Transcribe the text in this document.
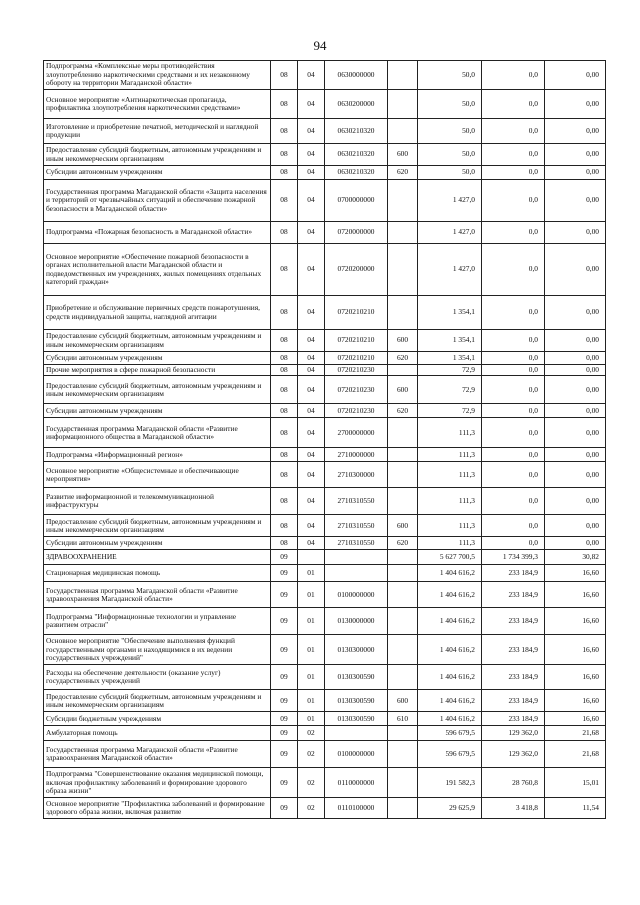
94
Подпрограмма «Комплексные меры противодействия злоупотреблению наркотическими средствами и их незаконному обороту на территории Магаданской области»	08	04	0630000000		50,0	0,0	0,00
Основное мероприятие «Антинаркотическая пропаганда, профилактика злоупотребления наркотическими средствами»	08	04	0630200000		50,0	0,0	0,00
Изготовление и приобретение печатной, методической и наглядной продукции	08	04	0630210320		50,0	0,0	0,00
Предоставление субсидий бюджетным, автономным учреждениям и иным некоммерческим организациям	08	04	0630210320	600	50,0	0,0	0,00
Субсидии автономным учреждениям	08	04	0630210320	620	50,0	0,0	0,00
Государственная программа Магаданской области «Защита населения и территорий от чрезвычайных ситуаций и обеспечение пожарной безопасности в Магаданской области»	08	04	0700000000		1 427,0	0,0	0,00
Подпрограмма «Пожарная безопасность в Магаданской области»	08	04	0720000000		1 427,0	0,0	0,00
Основное мероприятие «Обеспечение пожарной безопасности в органах исполнительной власти Магаданской области и подведомственных им учреждениях, жилых помещениях отдельных категорий граждан»	08	04	0720200000		1 427,0	0,0	0,00
Приобретение и обслуживание первичных средств пожаротушения, средств индивидуальной защиты, наглядной агитации	08	04	0720210210		1 354,1	0,0	0,00
Предоставление субсидий бюджетным, автономным учреждениям и иным некоммерческим организациям	08	04	0720210210	600	1 354,1	0,0	0,00
Субсидии автономным учреждениям	08	04	0720210210	620	1 354,1	0,0	0,00
Прочие мероприятия в сфере пожарной безопасности	08	04	0720210230		72,9	0,0	0,00
Предоставление субсидий бюджетным, автономным учреждениям и иным некоммерческим организациям	08	04	0720210230	600	72,9	0,0	0,00
Субсидии автономным учреждениям	08	04	0720210230	620	72,9	0,0	0,00
Государственная программа Магаданской области «Развитие информационного общества в Магаданской области»	08	04	2700000000		111,3	0,0	0,00
Подпрограмма «Информационный регион»	08	04	2710000000		111,3	0,0	0,00
Основное мероприятие «Общесистемные и обеспечивающие мероприятия»	08	04	2710300000		111,3	0,0	0,00
Развитие информационной и телекоммуникационной инфраструктуры	08	04	2710310550		111,3	0,0	0,00
Предоставление субсидий бюджетным, автономным учреждениям и иным некоммерческим организациям	08	04	2710310550	600	111,3	0,0	0,00
Субсидии автономным учреждениям	08	04	2710310550	620	111,3	0,0	0,00
ЗДРАВООХРАНЕНИЕ	09				5 627 700,5	1 734 399,3	30,82
Стационарная медицинская помощь	09	01			1 404 616,2	233 184,9	16,60
Государственная программа Магаданской области «Развитие здравоохранения Магаданской области»	09	01	0100000000		1 404 616,2	233 184,9	16,60
Подпрограмма "Информационные технологии и управление развитием отрасли"	09	01	0130000000		1 404 616,2	233 184,9	16,60
Основное мероприятие "Обеспечение выполнения функций государственными органами и находящимися в их ведении государственных учреждений"	09	01	0130300000		1 404 616,2	233 184,9	16,60
Расходы на обеспечение деятельности (оказание услуг) государственных учреждений	09	01	0130300590		1 404 616,2	233 184,9	16,60
Предоставление субсидий бюджетным, автономным учреждениям и иным некоммерческим организациям	09	01	0130300590	600	1 404 616,2	233 184,9	16,60
Субсидии бюджетным учреждениям	09	01	0130300590	610	1 404 616,2	233 184,9	16,60
Амбулаторная помощь	09	02			596 679,5	129 362,0	21,68
Государственная программа Магаданской области «Развитие здравоохранения Магаданской области»	09	02	0100000000		596 679,5	129 362,0	21,68
Подпрограмма "Совершенствование оказания медицинской помощи, включая профилактику заболеваний и формирование здорового образа жизни"	09	02	0110000000		191 582,3	28 760,8	15,01
Основное мероприятие "Профилактика заболеваний и формирование здорового образа жизни, включая развитие	09	02	0110100000		29 625,9	3 418,8	11,54
